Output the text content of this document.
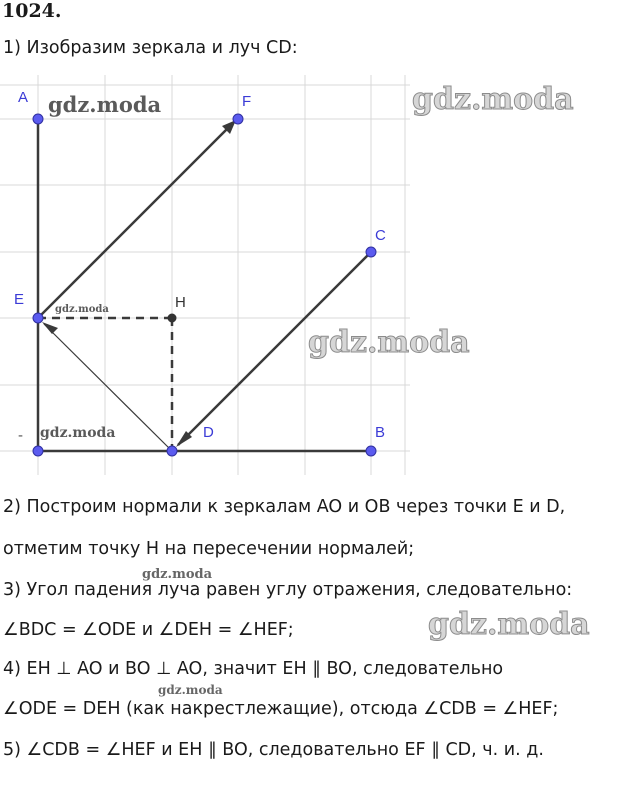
1024.
1) Изобразим зеркала и луч CD:
A	F
C
E	H
D	B
-
gdz.moda	gdz.moda
gdz.moda
gdz.moda
gdz.moda
gdz.moda
gdz.moda
gdz.moda
2) Построим нормали к зеркалам AO и OB через точки E и D,
отметим точку H на пересечении нормалей;
3) Угол падения луча равен углу отражения, следовательно:
∠BDC = ∠ODE и ∠DEH = ∠HEF;
4) EH ⊥ AO и BO ⊥ AO, значит EH ∥ BO, следовательно
∠ODE = DEH (как накрестлежащие), отсюда ∠CDB = ∠HEF;
5) ∠CDB = ∠HEF и EH ∥ BO, следовательно EF ∥ CD, ч. и. д.
